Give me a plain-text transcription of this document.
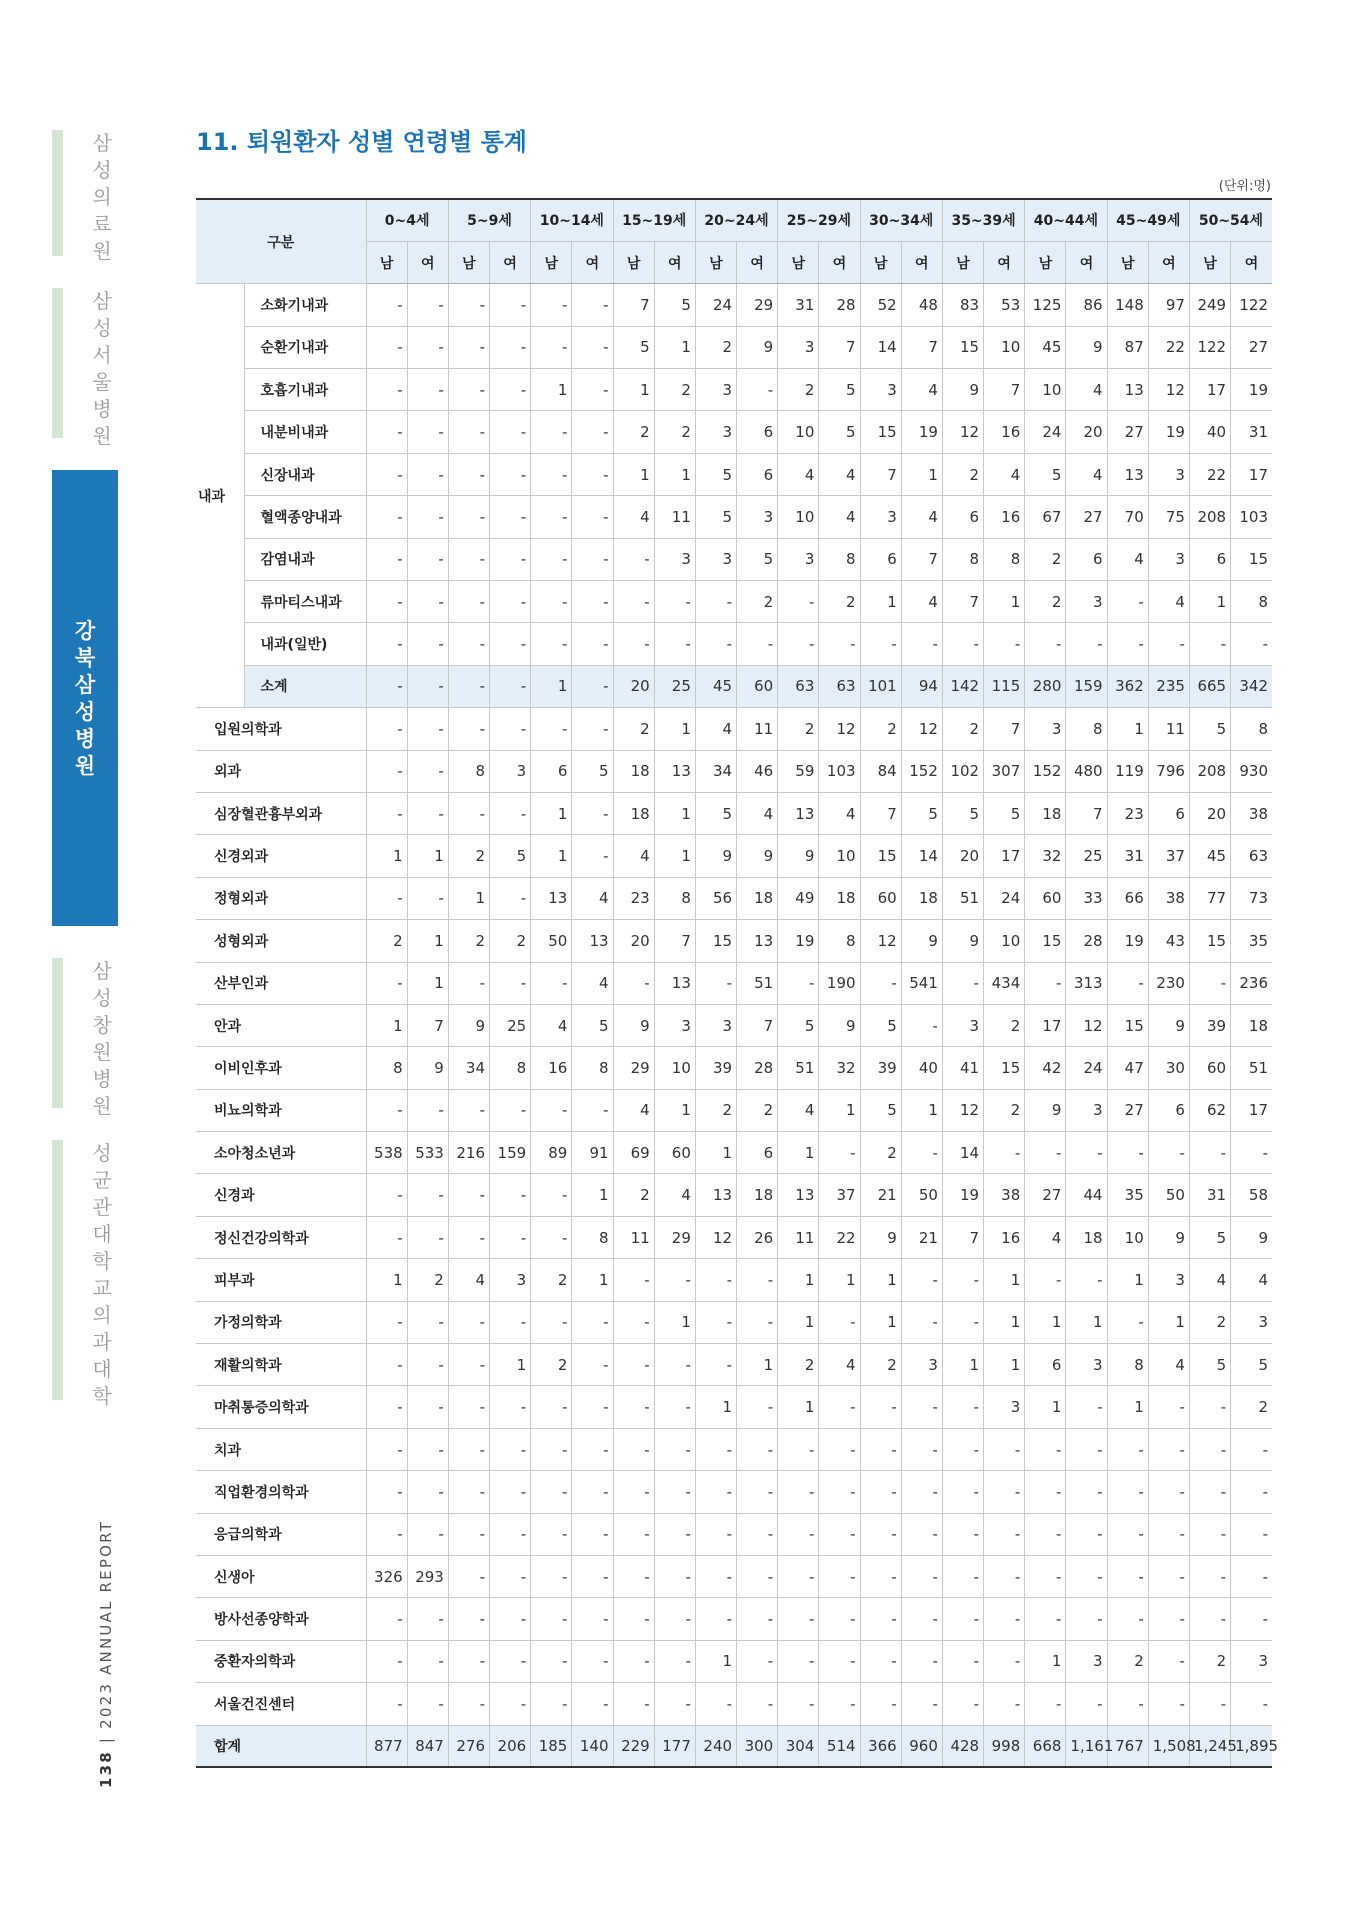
삼성의료원
삼성서울병원
강북삼성병원
삼성창원병원
성균관대학교 의과대학
138 | 2023 ANNUAL REPORT
11. 퇴원환자 성별 연령별 통계
(단위:명)
구분		0~4세		5~9세		10~14세		15~19세		20~24세		25~29세		30~34세		35~39세		40~44세		45~49세		50~54세	
		남	여	남	여	남	여	남	여	남	여	남	여	남	여	남	여	남	여	남	여	남	여
내과	소화기내과	-	-	-	-	-	-	7	5	24	29	31	28	52	48	83	53	125	86	148	97	249	122
	순환기내과	-	-	-	-	-	-	5	1	2	9	3	7	14	7	15	10	45	9	87	22	122	27
	호흡기내과	-	-	-	-	1	-	1	2	3	-	2	5	3	4	9	7	10	4	13	12	17	19
	내분비내과	-	-	-	-	-	-	2	2	3	6	10	5	15	19	12	16	24	20	27	19	40	31
	신장내과	-	-	-	-	-	-	1	1	5	6	4	4	7	1	2	4	5	4	13	3	22	17
	혈액종양내과	-	-	-	-	-	-	4	11	5	3	10	4	3	4	6	16	67	27	70	75	208	103
	감염내과	-	-	-	-	-	-	-	3	3	5	3	8	6	7	8	8	2	6	4	3	6	15
	류마티스내과	-	-	-	-	-	-	-	-	-	2	-	2	1	4	7	1	2	3	-	4	1	8
	내과(일반)	-	-	-	-	-	-	-	-	-	-	-	-	-	-	-	-	-	-	-	-	-	-
	소계	-	-	-	-	1	-	20	25	45	60	63	63	101	94	142	115	280	159	362	235	665	342
입원의학과		-	-	-	-	-	-	2	1	4	11	2	12	2	12	2	7	3	8	1	11	5	8
외과		-	-	8	3	6	5	18	13	34	46	59	103	84	152	102	307	152	480	119	796	208	930
심장혈관흉부외과		-	-	-	-	1	-	18	1	5	4	13	4	7	5	5	5	18	7	23	6	20	38
신경외과		1	1	2	5	1	-	4	1	9	9	9	10	15	14	20	17	32	25	31	37	45	63
정형외과		-	-	1	-	13	4	23	8	56	18	49	18	60	18	51	24	60	33	66	38	77	73
성형외과		2	1	2	2	50	13	20	7	15	13	19	8	12	9	9	10	15	28	19	43	15	35
산부인과		-	1	-	-	-	4	-	13	-	51	-	190	-	541	-	434	-	313	-	230	-	236
안과		1	7	9	25	4	5	9	3	3	7	5	9	5	-	3	2	17	12	15	9	39	18
이비인후과		8	9	34	8	16	8	29	10	39	28	51	32	39	40	41	15	42	24	47	30	60	51
비뇨의학과		-	-	-	-	-	-	4	1	2	2	4	1	5	1	12	2	9	3	27	6	62	17
소아청소년과		538	533	216	159	89	91	69	60	1	6	1	-	2	-	14	-	-	-	-	-	-	-
신경과		-	-	-	-	-	1	2	4	13	18	13	37	21	50	19	38	27	44	35	50	31	58
정신건강의학과		-	-	-	-	-	8	11	29	12	26	11	22	9	21	7	16	4	18	10	9	5	9
피부과		1	2	4	3	2	1	-	-	-	-	1	1	1	-	-	1	-	-	1	3	4	4
가정의학과		-	-	-	-	-	-	-	1	-	-	1	-	1	-	-	1	1	1	-	1	2	3
재활의학과		-	-	-	1	2	-	-	-	-	1	2	4	2	3	1	1	6	3	8	4	5	5
마취통증의학과		-	-	-	-	-	-	-	-	1	-	1	-	-	-	-	3	1	-	1	-	-	2
치과		-	-	-	-	-	-	-	-	-	-	-	-	-	-	-	-	-	-	-	-	-	-
직업환경의학과		-	-	-	-	-	-	-	-	-	-	-	-	-	-	-	-	-	-	-	-	-	-
응급의학과		-	-	-	-	-	-	-	-	-	-	-	-	-	-	-	-	-	-	-	-	-	-
신생아		326	293	-	-	-	-	-	-	-	-	-	-	-	-	-	-	-	-	-	-	-	-
방사선종양학과		-	-	-	-	-	-	-	-	-	-	-	-	-	-	-	-	-	-	-	-	-	-
중환자의학과		-	-	-	-	-	-	-	-	1	-	-	-	-	-	-	-	1	3	2	-	2	3
서울건진센터		-	-	-	-	-	-	-	-	-	-	-	-	-	-	-	-	-	-	-	-	-	-
합계		877	847	276	206	185	140	229	177	240	300	304	514	366	960	428	998	668	1,161	767	1,508	1,245	1,895
